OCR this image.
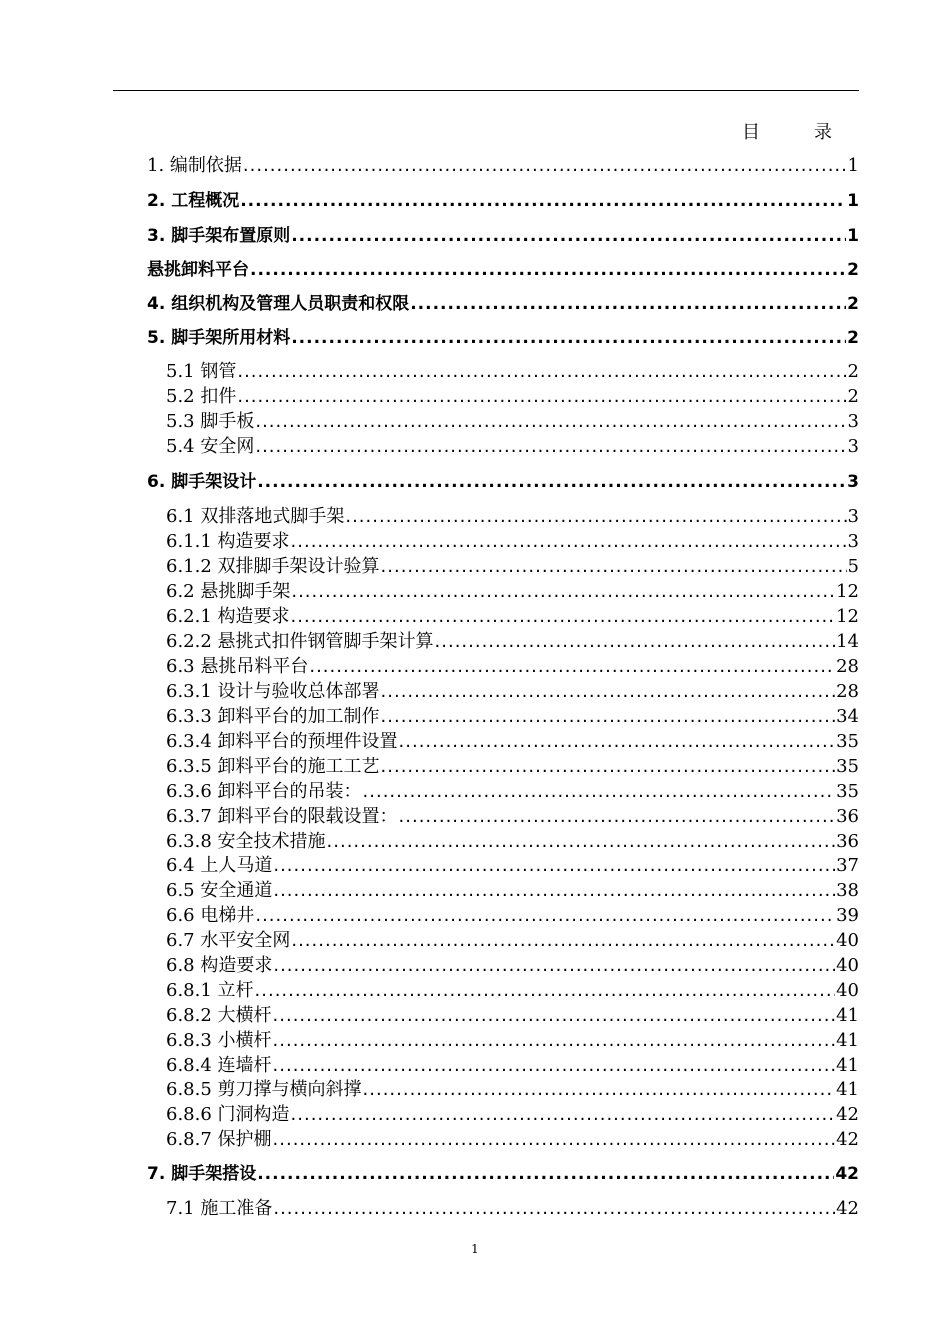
目	录
1. 编制依据 .....	1
2. 工程概况 .....	1
3. 脚手架布置原则 .....	1
悬挑卸料平台 .....	2
4. 组织机构及管理人员职责和权限 .....	2
5. 脚手架所用材料 .....	2
5.1 钢管 .....	2
5.2 扣件 .....	2
5.3 脚手板 .....	3
5.4 安全网 .....	3
6. 脚手架设计 .....	3
6.1 双排落地式脚手架 .....	3
6.1.1 构造要求 .....	3
6.1.2 双排脚手架设计验算 .....	5
6.2 悬挑脚手架 .....	12
6.2.1 构造要求 .....	12
6.2.2 悬挑式扣件钢管脚手架计算 .....	14
6.3 悬挑吊料平台 .....	28
6.3.1 设计与验收总体部署 .....	28
6.3.3 卸料平台的加工制作 .....	34
6.3.4 卸料平台的预埋件设置 .....	35
6.3.5 卸料平台的施工工艺 .....	35
6.3.6 卸料平台的吊装： .....	35
6.3.7 卸料平台的限载设置： .....	36
6.3.8 安全技术措施 .....	36
6.4 上人马道 .....	37
6.5 安全通道 .....	38
6.6 电梯井 .....	39
6.7 水平安全网 .....	40
6.8 构造要求 .....	40
6.8.1 立杆 .....	40
6.8.2 大横杆 .....	41
6.8.3 小横杆 .....	41
6.8.4 连墙杆 .....	41
6.8.5 剪刀撑与横向斜撑 .....	41
6.8.6 门洞构造 .....	42
6.8.7 保护棚 .....	42
7. 脚手架搭设 .....	42
7.1 施工准备 .....	42
1
